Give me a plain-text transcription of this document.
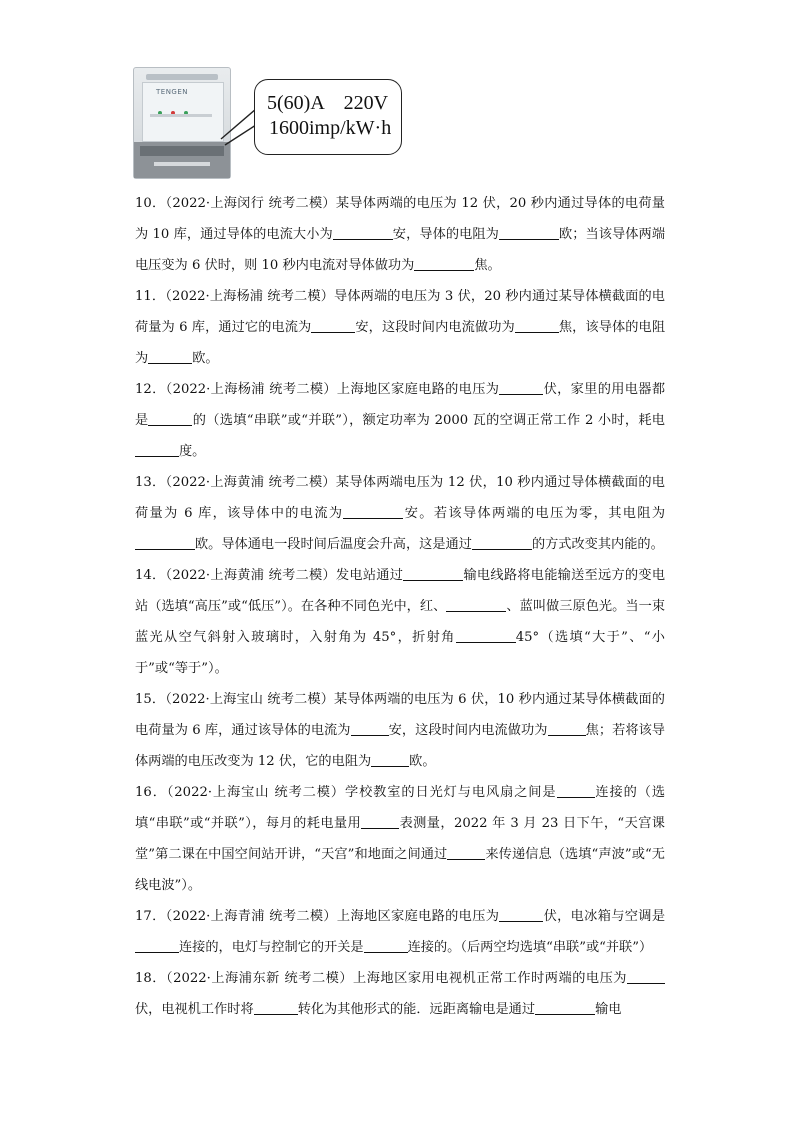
TENGEN	5(60)A    220V
1600imp/kW·h

10．（2022·上海闵行 统考二模）某导体两端的电压为 12 伏，20 秒内通过导体的电荷量为 10 库，通过导体的电流大小为	安，导体的电阻为	欧；当该导体两端电压变为 6 伏时，则 10 秒内电流对导体做功为	焦。

11．（2022·上海杨浦 统考二模）导体两端的电压为 3 伏，20 秒内通过某导体横截面的电荷量为 6 库，通过它的电流为	安，这段时间内电流做功为	焦，该导体的电阻为	欧。

12．（2022·上海杨浦 统考二模）上海地区家庭电路的电压为	伏，家里的用电器都是	的（选填“串联”或“并联”），额定功率为 2000 瓦的空调正常工作 2 小时，耗电度。

13．（2022·上海黄浦 统考二模）某导体两端电压为 12 伏，10 秒内通过导体横截面的电荷量为 6 库，该导体中的电流为	安。若该导体两端的电压为零，其电阻为欧。导体通电一段时间后温度会升高，这是通过	的方式改变其内能的。

14．（2022·上海黄浦 统考二模）发电站通过	输电线路将电能输送至远方的变电站（选填“高压”或“低压”）。在各种不同色光中，红、	、蓝叫做三原色光。当一束蓝光从空气斜射入玻璃时，入射角为 45°，折射角	45°（选填“大于”、“小于”或“等于”）。

15．（2022·上海宝山 统考二模）某导体两端的电压为 6 伏，10 秒内通过某导体横截面的电荷量为 6 库，通过该导体的电流为	安，这段时间内电流做功为	焦；若将该导体两端的电压改变为 12 伏，它的电阻为	欧。

16．（2022·上海宝山 统考二模）学校教室的日光灯与电风扇之间是	连接的（选填“串联”或“并联”），每月的耗电量用	表测量，2022 年 3 月 23 日下午，“天宫课堂”第二课在中国空间站开讲，“天宫”和地面之间通过	来传递信息（选填“声波”或“无线电波”）。

17．（2022·上海青浦 统考二模）上海地区家庭电路的电压为	伏，电冰箱与空调是连接的，电灯与控制它的开关是	连接的。（后两空均选填“串联”或“并联”）

18．（2022·上海浦东新 统考二模）上海地区家用电视机正常工作时两端的电压为伏，电视机工作时将	转化为其他形式的能．远距离输电是通过	输电
